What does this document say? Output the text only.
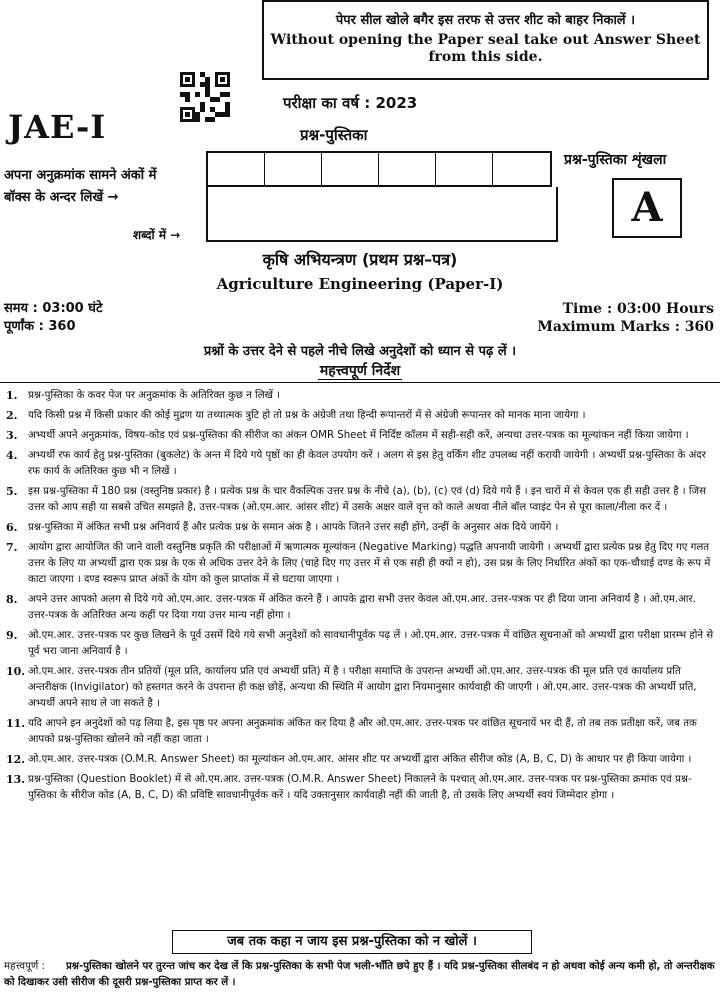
पेपर सील खोले बगैर इस तरफ से उत्तर शीट को बाहर निकालें ।
Without opening the Paper seal take out Answer Sheet
from this side.
JAE-I
परीक्षा का वर्ष : 2023
प्रश्न-पुस्तिका
प्रश्न-पुस्तिका शृंखला
A
अपना अनुक्रमांक सामने अंकों में
बॉक्स के अन्दर लिखें →
शब्दों में →
कृषि अभियन्त्रण (प्रथम प्रश्न–पत्र)
Agriculture Engineering (Paper-I)
समय : 03:00 घंटे
पूर्णांक : 360
Time : 03:00 Hours
Maximum Marks : 360
प्रश्नों के उत्तर देने से पहले नीचे लिखे अनुदेशों को ध्यान से पढ़ लें ।
महत्त्वपूर्ण निर्देश
1.	प्रश्न-पुस्तिका के कवर पेज पर अनुक्रमांक के अतिरिक्त कुछ न लिखें ।
2.	यदि किसी प्रश्न में किसी प्रकार की कोई मुद्रण या तथ्यात्मक त्रुटि हो तो प्रश्न के अंग्रेजी तथा हिन्दी रूपान्तरों में से अंग्रेजी रूपान्तर को मानक माना जायेगा ।
3.	अभ्यर्थी अपने अनुक्रमांक, विषय-कोड एवं प्रश्न-पुस्तिका की सीरीज का अंकन OMR Sheet में निर्दिष्ट कॉलम में सही-सही करें, अन्यथा उत्तर-पत्रक का मूल्यांकन नहीं किया जायेगा ।
4.	अभ्यर्थी रफ कार्य हेतु प्रश्न-पुस्तिका (बुकलेट) के अन्त में दिये गये पृष्ठों का ही केवल उपयोग करें । अलग से इस हेतु वर्किंग शीट उपलब्ध नहीं करायी जायेगी । अभ्यर्थी प्रश्न-पुस्तिका के अंदर रफ कार्य के अतिरिक्त कुछ भी न लिखें ।
5.	इस प्रश्न-पुस्तिका में 180 प्रश्न (वस्तुनिष्ठ प्रकार) है । प्रत्येक प्रश्न के चार वैकल्पिक उत्तर प्रश्न के नीचे (a), (b), (c) एवं (d) दिये गये हैं । इन चारों में से केवल एक ही सही उत्तर है । जिस उत्तर को आप सही या सबसे उचित समझते है, उत्तर-पत्रक (ओ.एम.आर. आंसर शीट) में उसके अक्षर वाले वृत्त को काले अथवा नीले बॉल प्वाइंट पेन से पूरा काला/नीला कर दें ।
6.	प्रश्न-पुस्तिका में अंकित सभी प्रश्न अनिवार्य हैं और प्रत्येक प्रश्न के समान अंक है । आपके जितने उत्तर सही होंगे, उन्हीं के अनुसार अंक दिये जायेंगे ।
7.	आयोग द्वारा आयोजित की जाने वाली वस्तुनिष्ठ प्रकृति की परीक्षाओं में ऋणात्मक मूल्यांकन (Negative Marking) पद्धति अपनायी जायेगी । अभ्यर्थी द्वारा प्रत्येक प्रश्न हेतु दिए गए गलत उत्तर के लिए या अभ्यर्थी द्वारा एक प्रश्न के एक से अधिक उत्तर देने के लिए (चाहे दिए गए उत्तर में से एक सही ही क्यों न हो), उस प्रश्न के लिए निर्धारित अंकों का एक-चौथाई दण्ड के रूप में काटा जाएगा । दण्ड स्वरूप प्राप्त अंकों के योग को कुल प्राप्तांक में से घटाया जाएगा ।
8.	अपने उत्तर आपको अलग से दिये गये ओ.एम.आर. उत्तर-पत्रक में अंकित करने हैं । आपके द्वारा सभी उत्तर केवल ओ.एम.आर. उत्तर-पत्रक पर ही दिया जाना अनिवार्य है । ओ.एम.आर. उत्तर-पत्रक के अतिरिक्त अन्य कहीं पर दिया गया उत्तर मान्य नहीं होगा ।
9.	ओ.एम.आर. उत्तर-पत्रक पर कुछ लिखने के पूर्व उसमें दिये गये सभी अनुदेशों को सावधानीपूर्वक पढ़ लें । ओ.एम.आर. उत्तर-पत्रक में वांछित सूचनाओं को अभ्यर्थी द्वारा परीक्षा प्रारम्भ होने से पूर्व भरा जाना अनिवार्य है ।
10. ओ.एम.आर. उत्तर-पत्रक तीन प्रतियों (मूल प्रति, कार्यालय प्रति एवं अभ्यर्थी प्रति) में है । परीक्षा समाप्ति के उपरान्त अभ्यर्थी ओ.एम.आर. उत्तर-पत्रक की मूल प्रति एवं कार्यालय प्रति अन्तरीक्षक (Invigilator) को हस्तगत करने के उपरान्त ही कक्ष छोड़ें, अन्यथा की स्थिति में आयोग द्वारा नियमानुसार कार्यवाही की जाएगी । ओ.एम.आर. उत्तर-पत्रक की अभ्यर्थी प्रति, अभ्यर्थी अपने साथ ले जा सकते है ।
11. यदि आपने इन अनुदेशों को पढ़ लिया है, इस पृष्ठ पर अपना अनुक्रमांक अंकित कर दिया है और ओ.एम.आर. उत्तर-पत्रक पर वांछित सूचनायें भर दी हैं, तो तब तक प्रतीक्षा करें, जब तक आपको प्रश्न-पुस्तिका खोलने को नहीं कहा जाता ।
12. ओ.एम.आर. उत्तर-पत्रक (O.M.R. Answer Sheet) का मूल्यांकन ओ.एम.आर. आंसर शीट पर अभ्यर्थी द्वारा अंकित सीरीज कोड (A, B, C, D) के आधार पर ही किया जायेगा ।
13. प्रश्न-पुस्तिका (Question Booklet) में से ओ.एम.आर. उत्तर-पत्रक (O.M.R. Answer Sheet) निकालने के पश्चात् ओ.एम.आर. उत्तर-पत्रक पर प्रश्न-पुस्तिका क्रमांक एवं प्रश्न-पुस्तिका के सीरीज कोड (A, B, C, D) की प्रविष्टि सावधानीपूर्वक करें । यदि उक्तानुसार कार्यवाही नहीं की जाती है, तो उसके लिए अभ्यर्थी स्वयं जिम्मेदार होगा ।
जब तक कहा न जाय इस प्रश्न-पुस्तिका को न खोलें ।
महत्त्वपूर्ण : प्रश्न-पुस्तिका खोलने पर तुरन्त जांच कर देख लें कि प्रश्न-पुस्तिका के सभी पेज भली-भाँति छपे हुए हैं । यदि प्रश्न-पुस्तिका सीलबंद न हो अथवा कोई अन्य कमी हो, तो अन्तरीक्षक को दिखाकर उसी सीरीज की दूसरी प्रश्न-पुस्तिका प्राप्त कर लें ।
